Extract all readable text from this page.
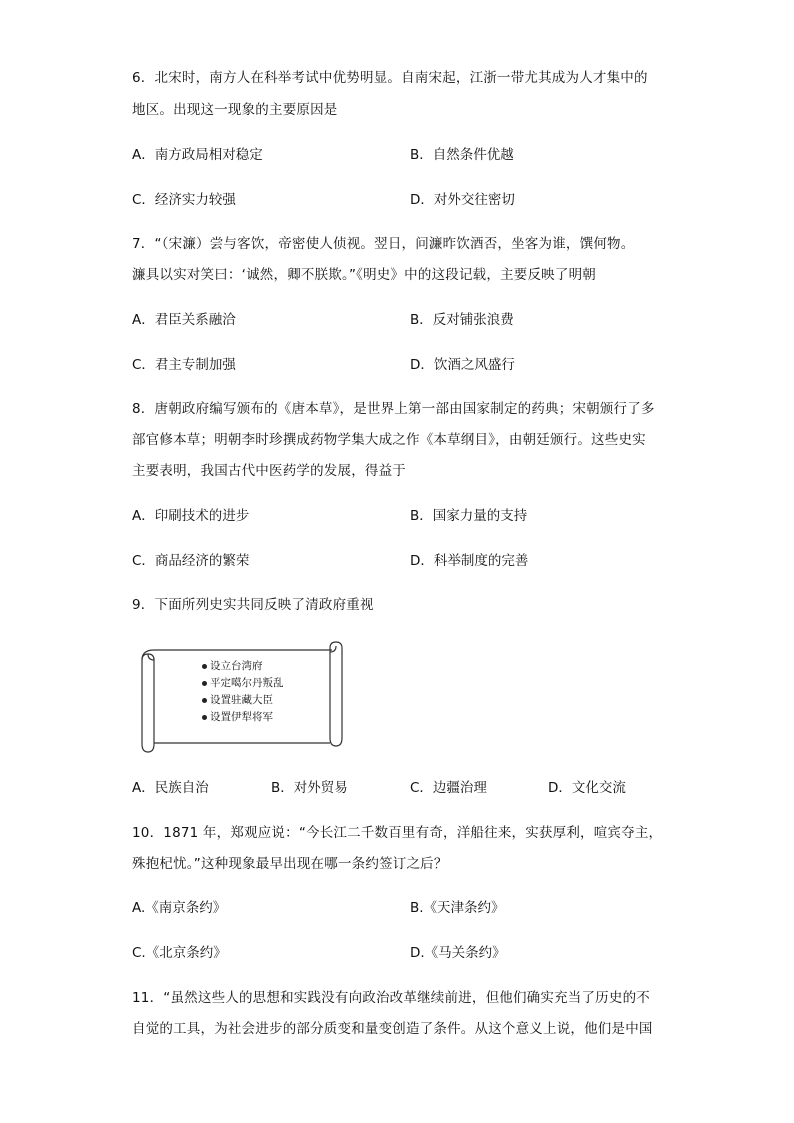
6．北宋时，南方人在科举考试中优势明显。自南宋起，江浙一带尤其成为人才集中的
地区。出现这一现象的主要原因是
A．南方政局相对稳定	B．自然条件优越
C．经济实力较强	D．对外交往密切
7．“（宋濂）尝与客饮，帝密使人侦视。翌日，问濂昨饮酒否，坐客为谁，馔何物。
濂具以实对笑曰：‘诚然，卿不朕欺。”《明史》中的这段记载，主要反映了明朝
A．君臣关系融洽	B．反对铺张浪费
C．君主专制加强	D．饮酒之风盛行
8．唐朝政府编写颁布的《唐本草》，是世界上第一部由国家制定的药典；宋朝颁行了多
部官修本草；明朝李时珍撰成药物学集大成之作《本草纲目》，由朝廷颁行。这些史实
主要表明，我国古代中医药学的发展，得益于
A．印刷技术的进步	B．国家力量的支持
C．商品经济的繁荣	D．科举制度的完善
9．下面所列史实共同反映了清政府重视
设立台湾府
平定噶尔丹叛乱
设置驻藏大臣
设置伊犁将军
A．民族自治	B．对外贸易	C．边疆治理	D．文化交流
10．1871 年，郑观应说：“今长江二千数百里有奇，洋船往来，实获厚利，喧宾夺主，
殊抱杞忧。”这种现象最早出现在哪一条约签订之后？
A.《南京条约》	B.《天津条约》
C.《北京条约》	D.《马关条约》
11．“虽然这些人的思想和实践没有向政治改革继续前进，但他们确实充当了历史的不
自觉的工具，为社会进步的部分质变和量变创造了条件。从这个意义上说，他们是中国
